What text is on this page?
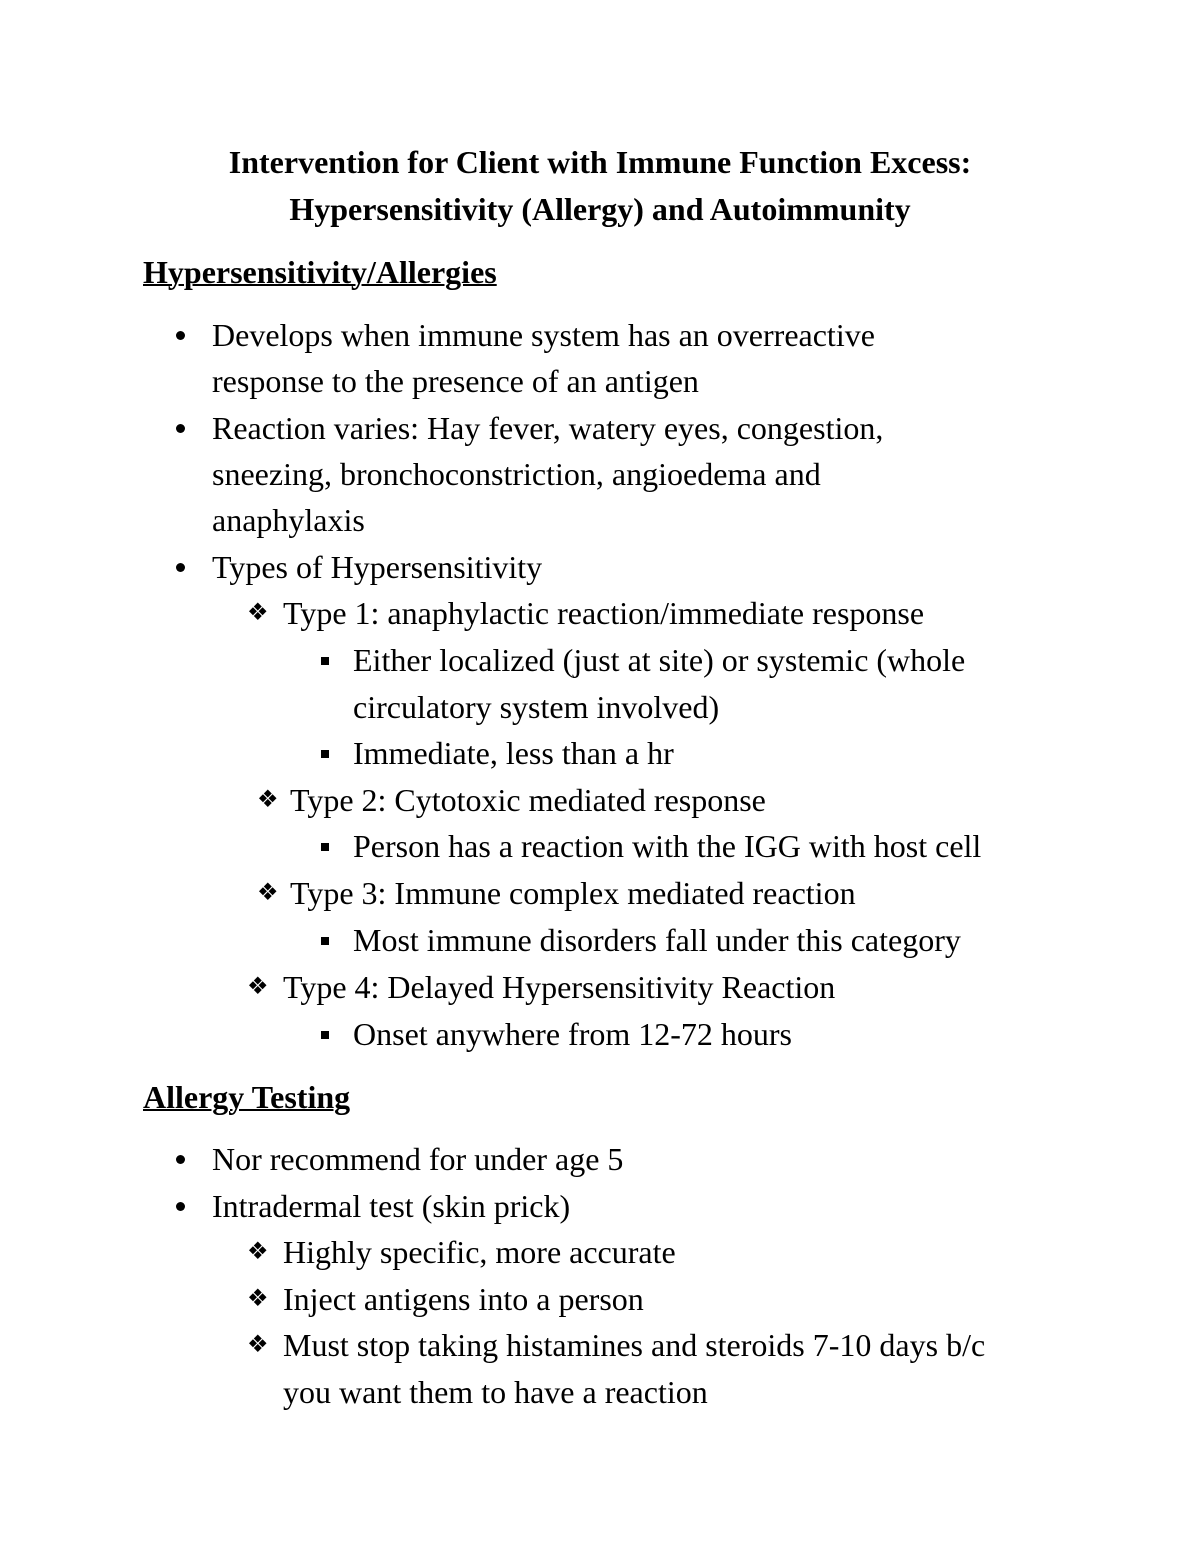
Intervention for Client with Immune Function Excess:
Hypersensitivity (Allergy) and Autoimmunity
Hypersensitivity/Allergies
Develops when immune system has an overreactive
response to the presence of an antigen
Reaction varies: Hay fever, watery eyes, congestion,
sneezing, bronchoconstriction, angioedema and
anaphylaxis
Types of Hypersensitivity
❖ Type 1: anaphylactic reaction/immediate response
Either localized (just at site) or systemic (whole
circulatory system involved)
Immediate, less than a hr
❖ Type 2: Cytotoxic mediated response
Person has a reaction with the IGG with host cell
❖ Type 3: Immune complex mediated reaction
Most immune disorders fall under this category
❖ Type 4: Delayed Hypersensitivity Reaction
Onset anywhere from 12-72 hours
Allergy Testing
Nor recommend for under age 5
Intradermal test (skin prick)
❖ Highly specific, more accurate
❖ Inject antigens into a person
❖ Must stop taking histamines and steroids 7-10 days b/c
you want them to have a reaction
